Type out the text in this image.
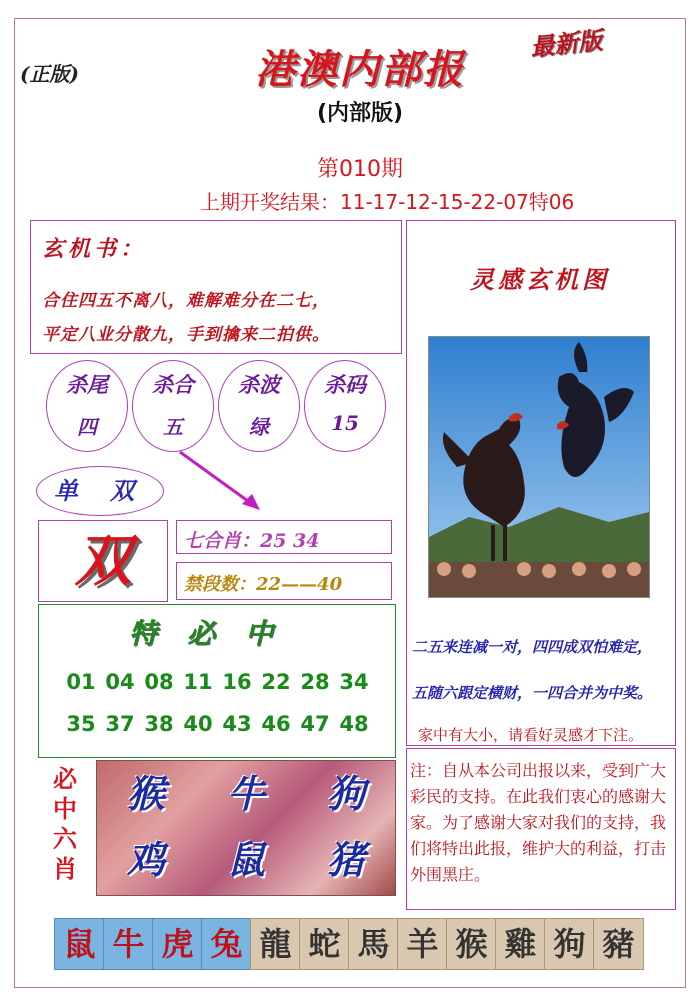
(正版)	港澳内部报
最新版
(内部版)
第010期
上期开奖结果：11-17-12-15-22-07特06
玄机书：
合住四五不离八，难解难分在二七，
平定八业分散九，手到擒来二拍供。
杀尾
四
杀合
五
杀波
绿
杀码
15
单 双
双	七合肖：25 34
禁段数：22——40
特必中
01 04 08 11 16 22 28 34
35 37 38 40 43 46 47 48
必
中
六
肖
猴	牛	狗
鸡	鼠	猪
灵感玄机图
二五来连减一对，四四成双怕难定，
五随六跟定横财，一四合并为中奖。
家中有大小，请看好灵感才下注。
注：自从本公司出报以来，受到广大彩民的支持。在此我们衷心的感谢大家。为了感谢大家对我们的支持，我们将特出此报，维护大的利益，打击外围黑庄。
鼠 牛 虎 兔 龍 蛇 馬 羊 猴 雞 狗 豬
